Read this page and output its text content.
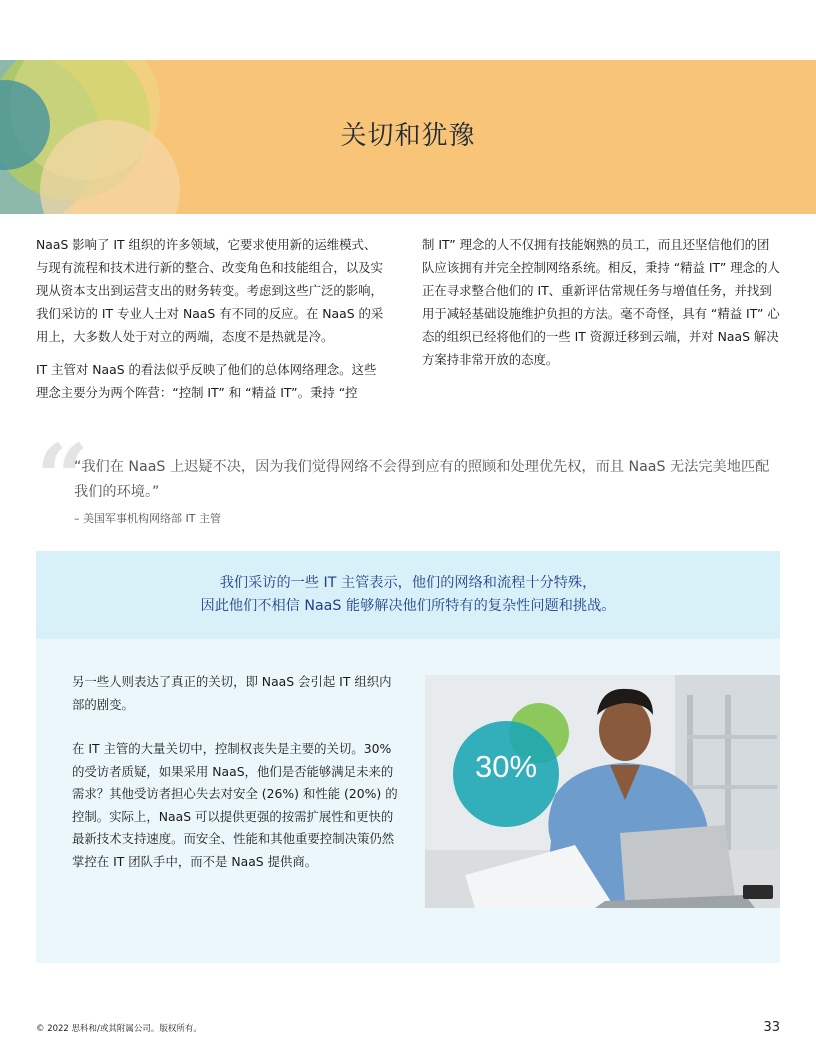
关切和犹豫

NaaS 影响了 IT 组织的许多领域，它要求使用新的运维模式、与现有流程和技术进行新的整合、改变角色和技能组合，以及实现从资本支出到运营支出的财务转变。考虑到这些广泛的影响，我们采访的 IT 专业人士对 NaaS 有不同的反应。在 NaaS 的采用上，大多数人处于对立的两端，态度不是热就是冷。

IT 主管对 NaaS 的看法似乎反映了他们的总体网络理念。这些理念主要分为两个阵营：“控制 IT” 和 “精益 IT”。秉持 “控

制 IT” 理念的人不仅拥有技能娴熟的员工，而且还坚信他们的团队应该拥有并完全控制网络系统。相反，秉持 “精益 IT” 理念的人正在寻求整合他们的 IT、重新评估常规任务与增值任务，并找到用于减轻基础设施维护负担的方法。毫不奇怪，具有 “精益 IT” 心态的组织已经将他们的一些 IT 资源迁移到云端，并对 NaaS 解决方案持非常开放的态度。

“
“我们在 NaaS 上迟疑不决，因为我们觉得网络不会得到应有的照顾和处理优先权，而且 NaaS 无法完美地匹配我们的环境。”
– 美国军事机构网络部 IT 主管
我们采访的一些 IT 主管表示，他们的网络和流程十分特殊，
因此他们不相信 NaaS 能够解决他们所特有的复杂性问题和挑战。

另一些人则表达了真正的关切，即 NaaS 会引起 IT 组织内部的剧变。

在 IT 主管的大量关切中，控制权丧失是主要的关切。30% 的受访者质疑，如果采用 NaaS，他们是否能够满足未来的需求？其他受访者担心失去对安全 (26%) 和性能 (20%) 的控制。实际上，NaaS 可以提供更强的按需扩展性和更快的最新技术支持速度。而安全、性能和其他重要控制决策仍然掌控在 IT 团队手中，而不是 NaaS 提供商。

30%
© 2022 思科和/或其附属公司。版权所有。	33
